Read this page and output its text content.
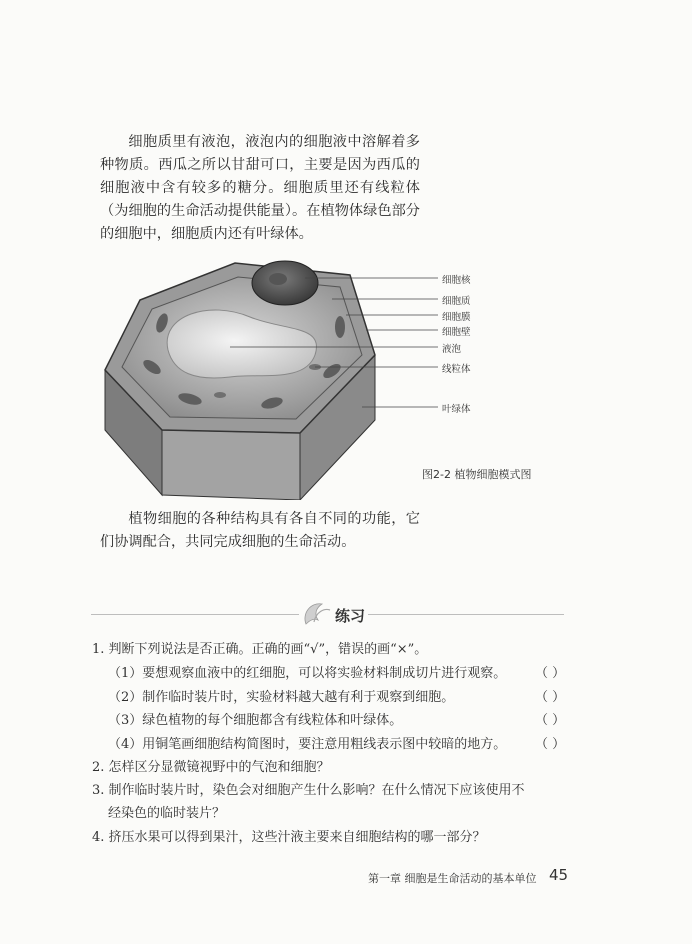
细胞质里有液泡，液泡内的细胞液中溶解着多种物质。西瓜之所以甘甜可口，主要是因为西瓜的细胞液中含有较多的糖分。细胞质里还有线粒体（为细胞的生命活动提供能量）。在植物体绿色部分的细胞中，细胞质内还有叶绿体。

细胞核
细胞质
细胞膜
细胞壁
液泡
线粒体
叶绿体
图2-2 植物细胞模式图

植物细胞的各种结构具有各自不同的功能，它们协调配合，共同完成细胞的生命活动。

练习
1. 判断下列说法是否正确。正确的画“√”，错误的画“×”。
（1）要想观察血液中的红细胞，可以将实验材料制成切片进行观察。 （ ）
（2）制作临时装片时，实验材料越大越有利于观察到细胞。	（ ）
（3）绿色植物的每个细胞都含有线粒体和叶绿体。	（ ）
（4）用铜笔画细胞结构简图时，要注意用粗线表示图中较暗的地方。 （ ）
2. 怎样区分显微镜视野中的气泡和细胞？
3. 制作临时装片时，染色会对细胞产生什么影响？在什么情况下应该使用不
经染色的临时装片？
4. 挤压水果可以得到果汁，这些汁液主要来自细胞结构的哪一部分？
第一章 细胞是生命活动的基本单位 45
